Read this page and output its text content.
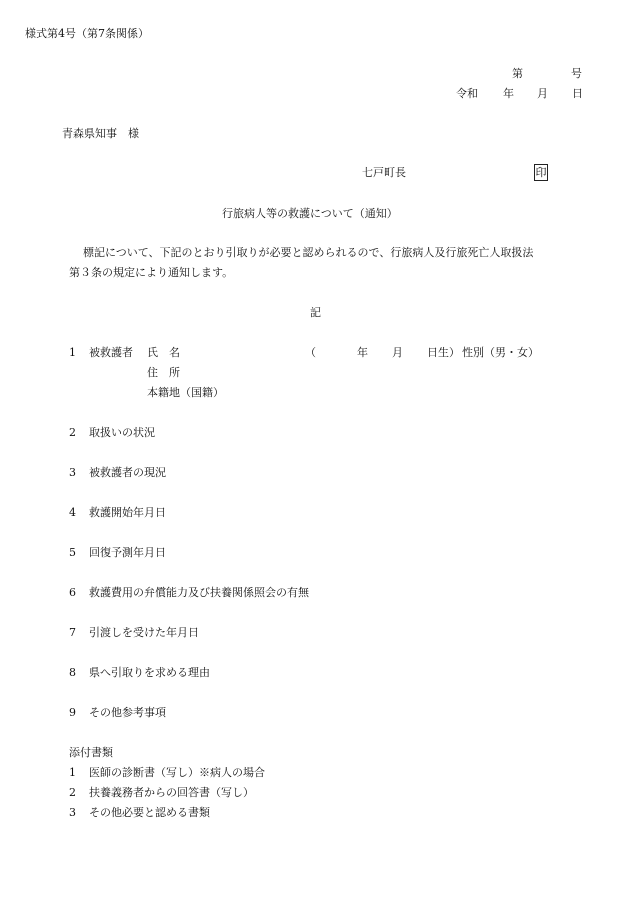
様式第4号（第7条関係）
第	号
令和 年 月 日
青森県知事　様
七戸町長	印
行旅病人等の救護について（通知）
標記について、下記のとおり引取りが必要と認められるので、行旅病人及行旅死亡人取扱法
第３条の規定により通知します。
記
1 被救護者 氏　名	（	年 月 日生） 性別（男・女）
住　所
本籍地（国籍）
2 取扱いの状況
3 被救護者の現況
4 救護開始年月日
5 回復予測年月日
6 救護費用の弁償能力及び扶養関係照会の有無
7 引渡しを受けた年月日
8 県へ引取りを求める理由
9 その他参考事項
添付書類
1 医師の診断書（写し）※病人の場合
2 扶養義務者からの回答書（写し）
3 その他必要と認める書類
